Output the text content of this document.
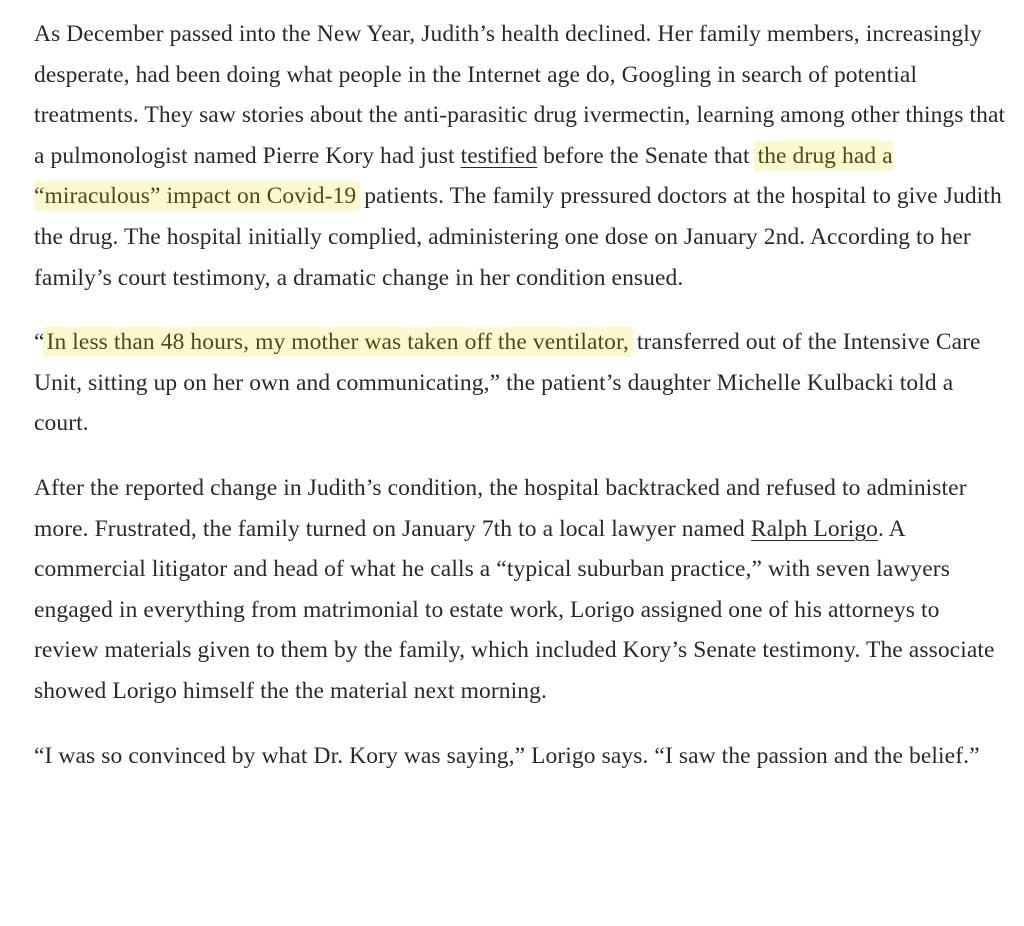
As December passed into the New Year, Judith’s health declined. Her family members, increasingly desperate, had been doing what people in the Internet age do, Googling in search of potential treatments. They saw stories about the anti-parasitic drug ivermectin, learning among other things that a pulmonologist named Pierre Kory had just testified before the Senate that the drug had a “miraculous” impact on Covid-19 patients. The family pressured doctors at the hospital to give Judith the drug. The hospital initially complied, administering one dose on January 2nd. According to her family’s court testimony, a dramatic change in her condition ensued.

“In less than 48 hours, my mother was taken off the ventilator, transferred out of the Intensive Care Unit, sitting up on her own and communicating,” the patient’s daughter Michelle Kulbacki told a court.

After the reported change in Judith’s condition, the hospital backtracked and refused to administer more. Frustrated, the family turned on January 7th to a local lawyer named Ralph Lorigo. A commercial litigator and head of what he calls a “typical suburban practice,” with seven lawyers engaged in everything from matrimonial to estate work, Lorigo assigned one of his attorneys to review materials given to them by the family, which included Kory’s Senate testimony. The associate showed Lorigo himself the the material next morning.

“I was so convinced by what Dr. Kory was saying,” Lorigo says. “I saw the passion and the belief.”
